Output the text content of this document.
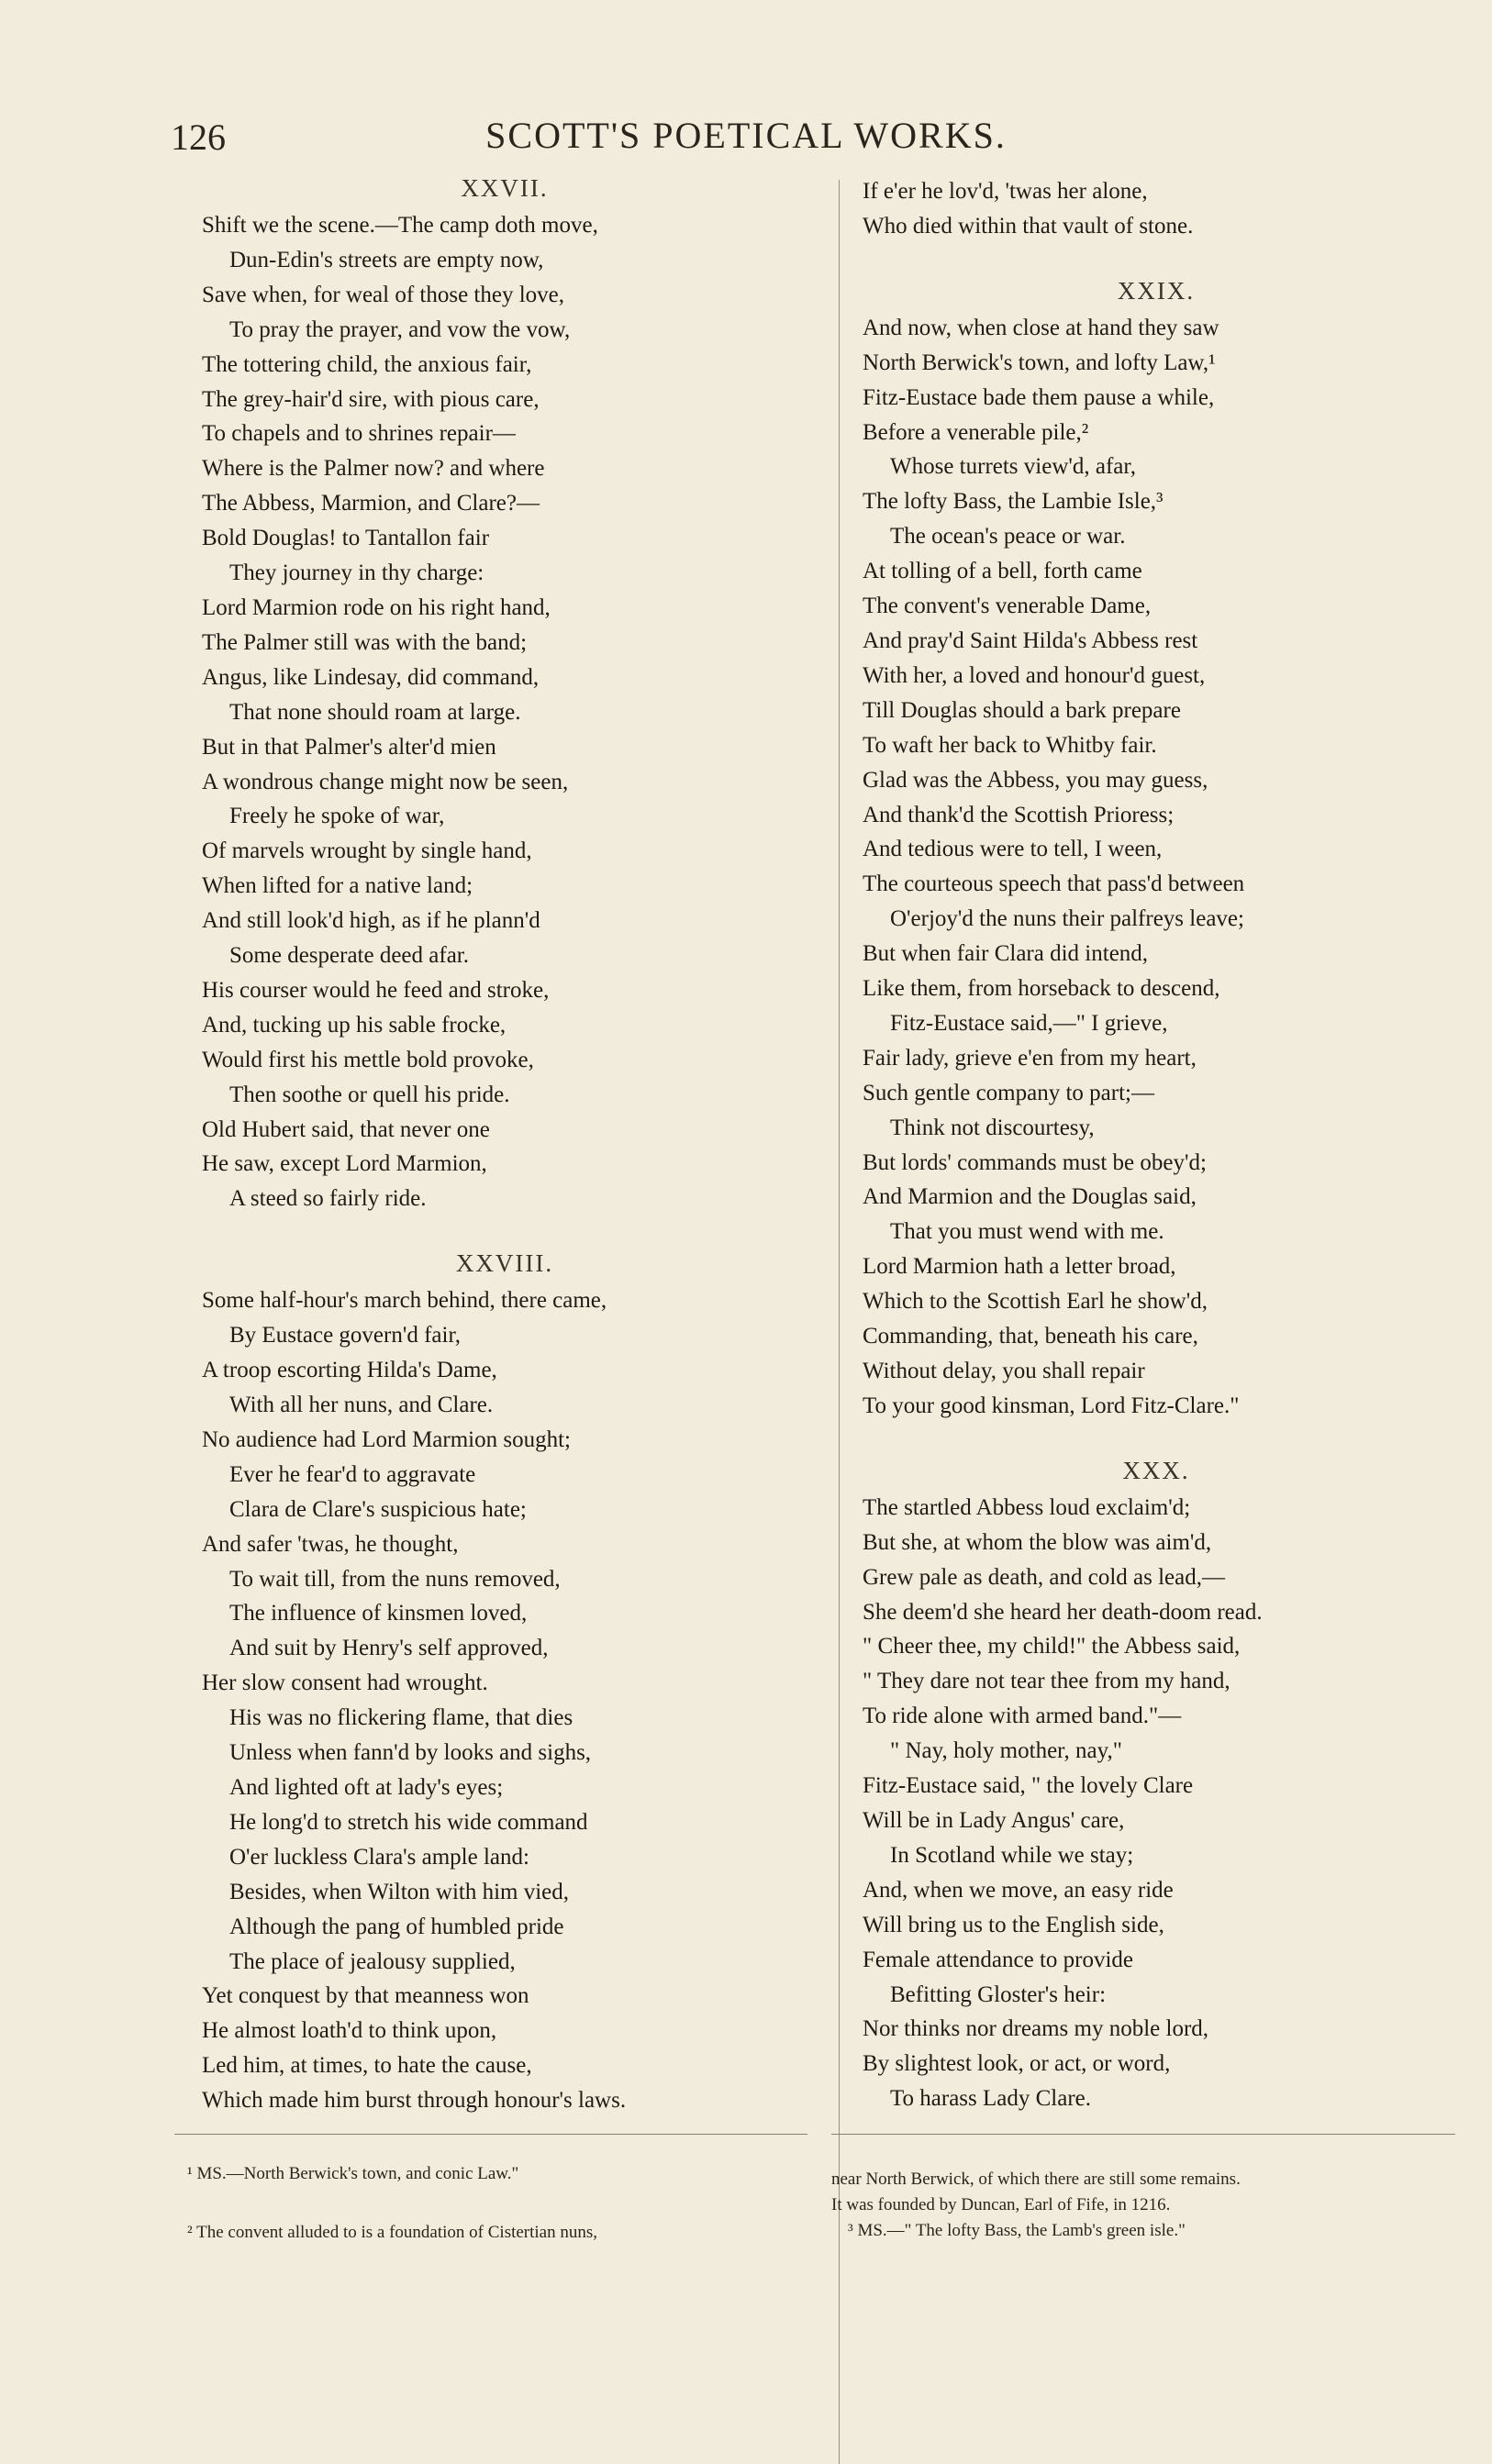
126	SCOTT'S POETICAL WORKS.
XXVII.
Shift we the scene.—The camp doth move,
Dun-Edin's streets are empty now,
Save when, for weal of those they love,
To pray the prayer, and vow the vow,
The tottering child, the anxious fair,
The grey-hair'd sire, with pious care,
To chapels and to shrines repair—
Where is the Palmer now? and where
The Abbess, Marmion, and Clare?—
Bold Douglas! to Tantallon fair
They journey in thy charge:
Lord Marmion rode on his right hand,
The Palmer still was with the band;
Angus, like Lindesay, did command,
That none should roam at large.
But in that Palmer's alter'd mien
A wondrous change might now be seen,
Freely he spoke of war,
Of marvels wrought by single hand,
When lifted for a native land;
And still look'd high, as if he plann'd
Some desperate deed afar.
His courser would he feed and stroke,
And, tucking up his sable frocke,
Would first his mettle bold provoke,
Then soothe or quell his pride.
Old Hubert said, that never one
He saw, except Lord Marmion,
A steed so fairly ride.
XXVIII.
Some half-hour's march behind, there came,
By Eustace govern'd fair,
A troop escorting Hilda's Dame,
With all her nuns, and Clare.
No audience had Lord Marmion sought;
Ever he fear'd to aggravate
Clara de Clare's suspicious hate;
And safer 'twas, he thought,
To wait till, from the nuns removed,
The influence of kinsmen loved,
And suit by Henry's self approved,
Her slow consent had wrought.
His was no flickering flame, that dies
Unless when fann'd by looks and sighs,
And lighted oft at lady's eyes;
He long'd to stretch his wide command
O'er luckless Clara's ample land:
Besides, when Wilton with him vied,
Although the pang of humbled pride
The place of jealousy supplied,
Yet conquest by that meanness won
He almost loath'd to think upon,
Led him, at times, to hate the cause,
Which made him burst through honour's laws.
If e'er he lov'd, 'twas her alone,
Who died within that vault of stone.
XXIX.
And now, when close at hand they saw
North Berwick's town, and lofty Law,¹
Fitz-Eustace bade them pause a while,
Before a venerable pile,²
Whose turrets view'd, afar,
The lofty Bass, the Lambie Isle,³
The ocean's peace or war.
At tolling of a bell, forth came
The convent's venerable Dame,
And pray'd Saint Hilda's Abbess rest
With her, a loved and honour'd guest,
Till Douglas should a bark prepare
To waft her back to Whitby fair.
Glad was the Abbess, you may guess,
And thank'd the Scottish Prioress;
And tedious were to tell, I ween,
The courteous speech that pass'd between
O'erjoy'd the nuns their palfreys leave;
But when fair Clara did intend,
Like them, from horseback to descend,
Fitz-Eustace said,—" I grieve,
Fair lady, grieve e'en from my heart,
Such gentle company to part;—
Think not discourtesy,
But lords' commands must be obey'd;
And Marmion and the Douglas said,
That you must wend with me.
Lord Marmion hath a letter broad,
Which to the Scottish Earl he show'd,
Commanding, that, beneath his care,
Without delay, you shall repair
To your good kinsman, Lord Fitz-Clare."
XXX.
The startled Abbess loud exclaim'd;
But she, at whom the blow was aim'd,
Grew pale as death, and cold as lead,—
She deem'd she heard her death-doom read.
" Cheer thee, my child!" the Abbess said,
" They dare not tear thee from my hand,
To ride alone with armed band."—
" Nay, holy mother, nay,"
Fitz-Eustace said, " the lovely Clare
Will be in Lady Angus' care,
In Scotland while we stay;
And, when we move, an easy ride
Will bring us to the English side,
Female attendance to provide
Befitting Gloster's heir:
Nor thinks nor dreams my noble lord,
By slightest look, or act, or word,
To harass Lady Clare.
¹ MS.—North Berwick's town, and conic Law."
² The convent alluded to is a foundation of Cistertian nuns,
near North Berwick, of which there are still some remains.
It was founded by Duncan, Earl of Fife, in 1216.
³ MS.—" The lofty Bass, the Lamb's green isle."
